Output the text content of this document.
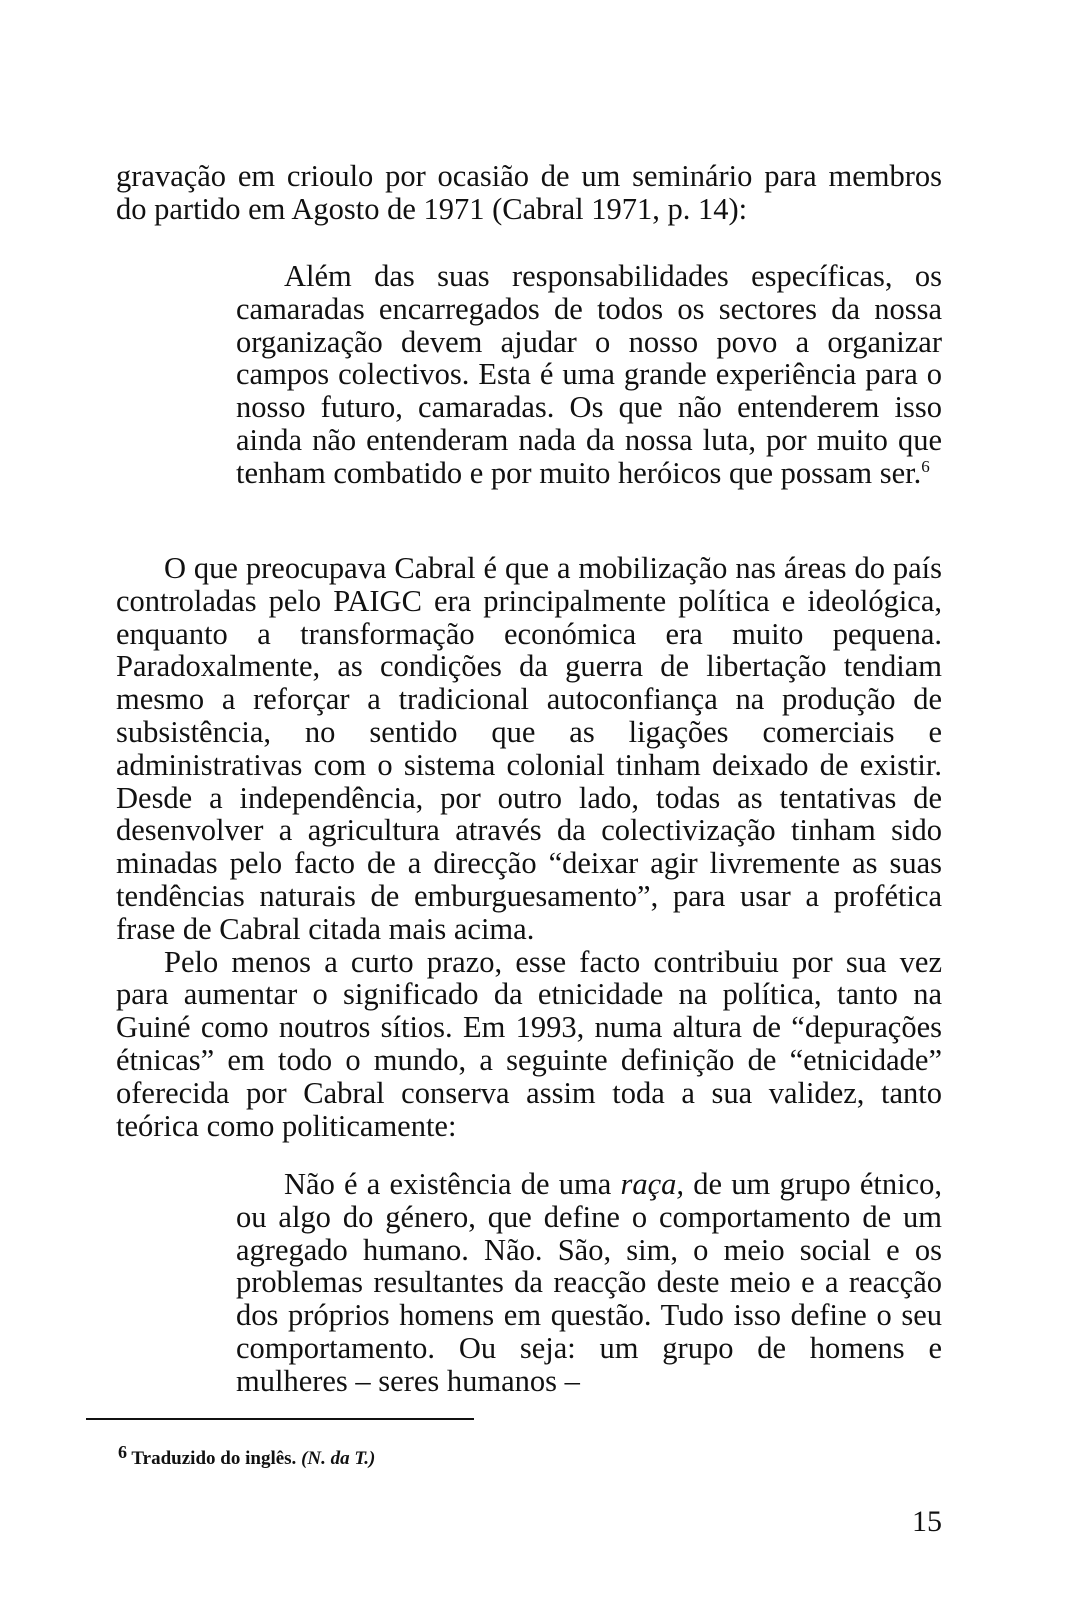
gravação em crioulo por ocasião de um seminário para membros do partido em Agosto de 1971 (Cabral 1971, p. 14):

Além das suas responsabilidades específicas, os camaradas encarregados de todos os sectores da nossa organização devem ajudar o nosso povo a organizar campos colectivos. Esta é uma grande experiência para o nosso futuro, camaradas. Os que não entenderem isso ainda não entenderam nada da nossa luta, por muito que tenham combatido e por muito heróicos que possam ser.$^6$

O que preocupava Cabral é que a mobilização nas áreas do país controladas pelo PAIGC era principalmente política e ideológica, enquanto a transformação económica era muito pequena. Paradoxalmente, as condições da guerra de libertação tendiam mesmo a reforçar a tradicional autoconfiança na produção de subsistência, no sentido que as ligações comerciais e administrativas com o sistema colonial tinham deixado de existir. Desde a independência, por outro lado, todas as tentativas de desenvolver a agricultura através da colectivização tinham sido minadas pelo facto de a direcção “deixar agir livremente as suas tendências naturais de emburguesamento”, para usar a profética frase de Cabral citada mais acima.

Pelo menos a curto prazo, esse facto contribuiu por sua vez para aumentar o significado da etnicidade na política, tanto na Guiné como noutros sítios. Em 1993, numa altura de “depurações étnicas” em todo o mundo, a seguinte definição de “etnicidade” oferecida por Cabral conserva assim toda a sua validez, tanto teórica como politicamente:

Não é a existência de uma raça, de um grupo étnico, ou algo do género, que define o comportamento de um agregado humano. Não. São, sim, o meio social e os problemas resultantes da reacção deste meio e a reacção dos próprios homens em questão. Tudo isso define o seu comportamento. Ou seja: um grupo de homens e mulheres – seres humanos –

$^6$ Traduzido do inglês. (N. da T.)
15
